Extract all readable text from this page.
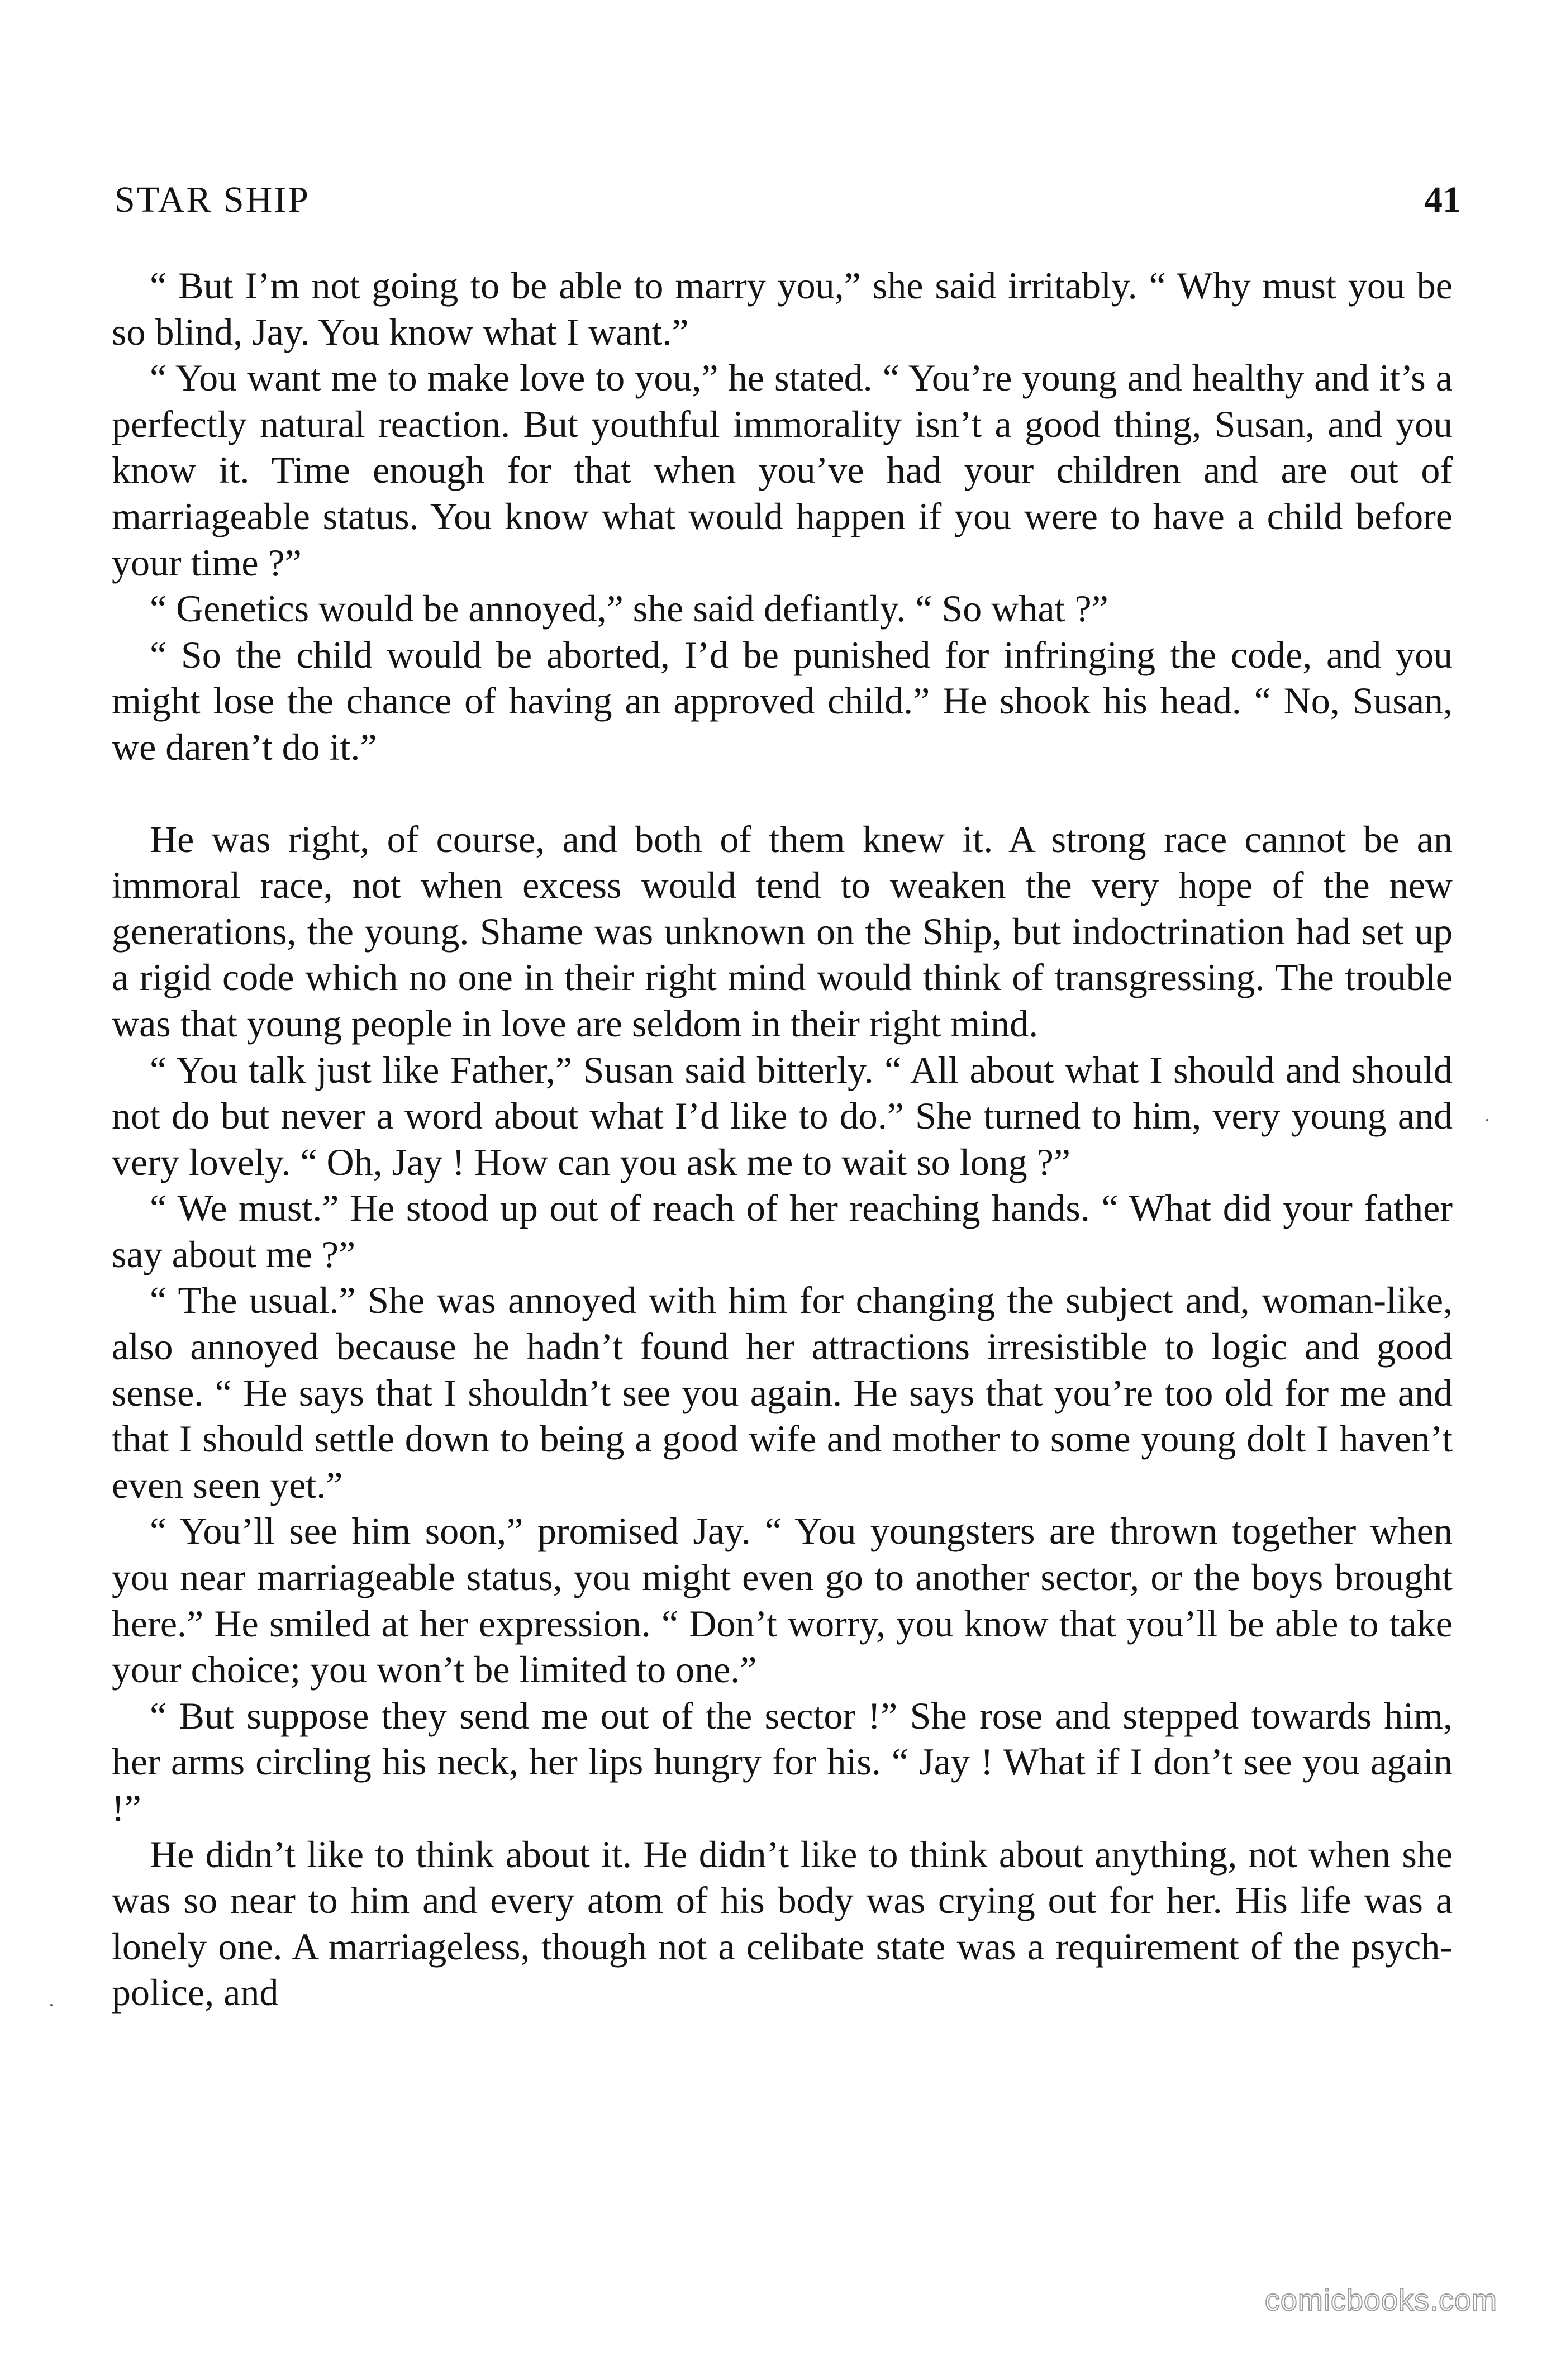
STAR SHIP	41

“ But I’m not going to be able to marry you,” she said irritably. “ Why must you be so blind, Jay. You know what I want.”

“ You want me to make love to you,” he stated. “ You’re young and healthy and it’s a perfectly natural reaction. But youthful immorality isn’t a good thing, Susan, and you know it. Time enough for that when you’ve had your children and are out of marriageable status. You know what would happen if you were to have a child before your time ?”

“ Genetics would be annoyed,” she said defiantly. “ So what ?”

“ So the child would be aborted, I’d be punished for infringing the code, and you might lose the chance of having an approved child.” He shook his head. “ No, Susan, we daren’t do it.”

He was right, of course, and both of them knew it. A strong race cannot be an immoral race, not when excess would tend to weaken the very hope of the new generations, the young. Shame was unknown on the Ship, but indoctrination had set up a rigid code which no one in their right mind would think of transgressing. The trouble was that young people in love are seldom in their right mind.

“ You talk just like Father,” Susan said bitterly. “ All about what I should and should not do but never a word about what I’d like to do.” She turned to him, very young and very lovely. “ Oh, Jay ! How can you ask me to wait so long ?”

“ We must.” He stood up out of reach of her reaching hands. “ What did your father say about me ?”

“ The usual.” She was annoyed with him for changing the subject and, woman-like, also annoyed because he hadn’t found her attractions irresistible to logic and good sense. “ He says that I shouldn’t see you again. He says that you’re too old for me and that I should settle down to being a good wife and mother to some young dolt I haven’t even seen yet.”

“ You’ll see him soon,” promised Jay. “ You youngsters are thrown together when you near marriageable status, you might even go to another sector, or the boys brought here.” He smiled at her expression. “ Don’t worry, you know that you’ll be able to take your choice; you won’t be limited to one.”

“ But suppose they send me out of the sector !” She rose and stepped towards him, her arms circling his neck, her lips hungry for his. “ Jay ! What if I don’t see you again !”

He didn’t like to think about it. He didn’t like to think about anything, not when she was so near to him and every atom of his body was crying out for her. His life was a lonely one. A marriageless, though not a celibate state was a requirement of the psych-police, and

comicbooks.com
